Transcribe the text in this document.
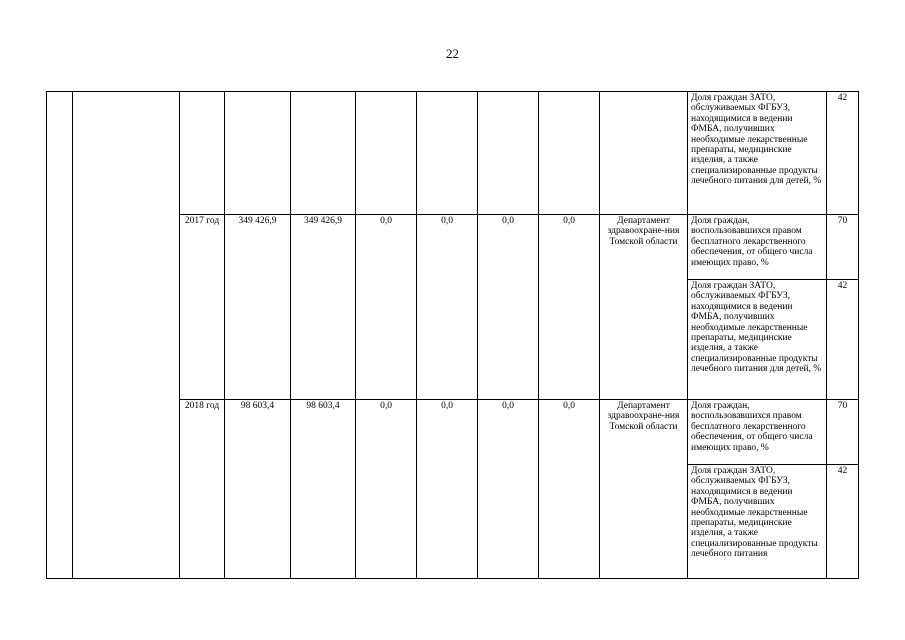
22
										Доля граждан ЗАТО, обслуживаемых ФГБУЗ, находящимися в ведении ФМБА, получивших необходимые лекарственные препараты, медицинские изделия, а также специализированные продукты лечебного питания для детей, %	42
		2017 год	349 426,9	349 426,9	0,0	0,0	0,0	0,0	Департамент здравоохране-ния Томской области	Доля граждан, воспользовавшихся правом бесплатного лекарственного обеспечения, от общего числа имеющих право, %	70
										Доля граждан ЗАТО, обслуживаемых ФГБУЗ, находящимися в ведении ФМБА, получивших необходимые лекарственные препараты, медицинские изделия, а также специализированные продукты лечебного питания для детей, %	42
		2018 год	98 603,4	98 603,4	0,0	0,0	0,0	0,0	Департамент здравоохране-ния Томской области	Доля граждан, воспользовавшихся правом бесплатного лекарственного обеспечения, от общего числа имеющих право, %	70
										Доля граждан ЗАТО, обслуживаемых ФГБУЗ, находящимися в ведении ФМБА, получивших необходимые лекарственные препараты, медицинские изделия, а также специализированные продукты лечебного питания	42
